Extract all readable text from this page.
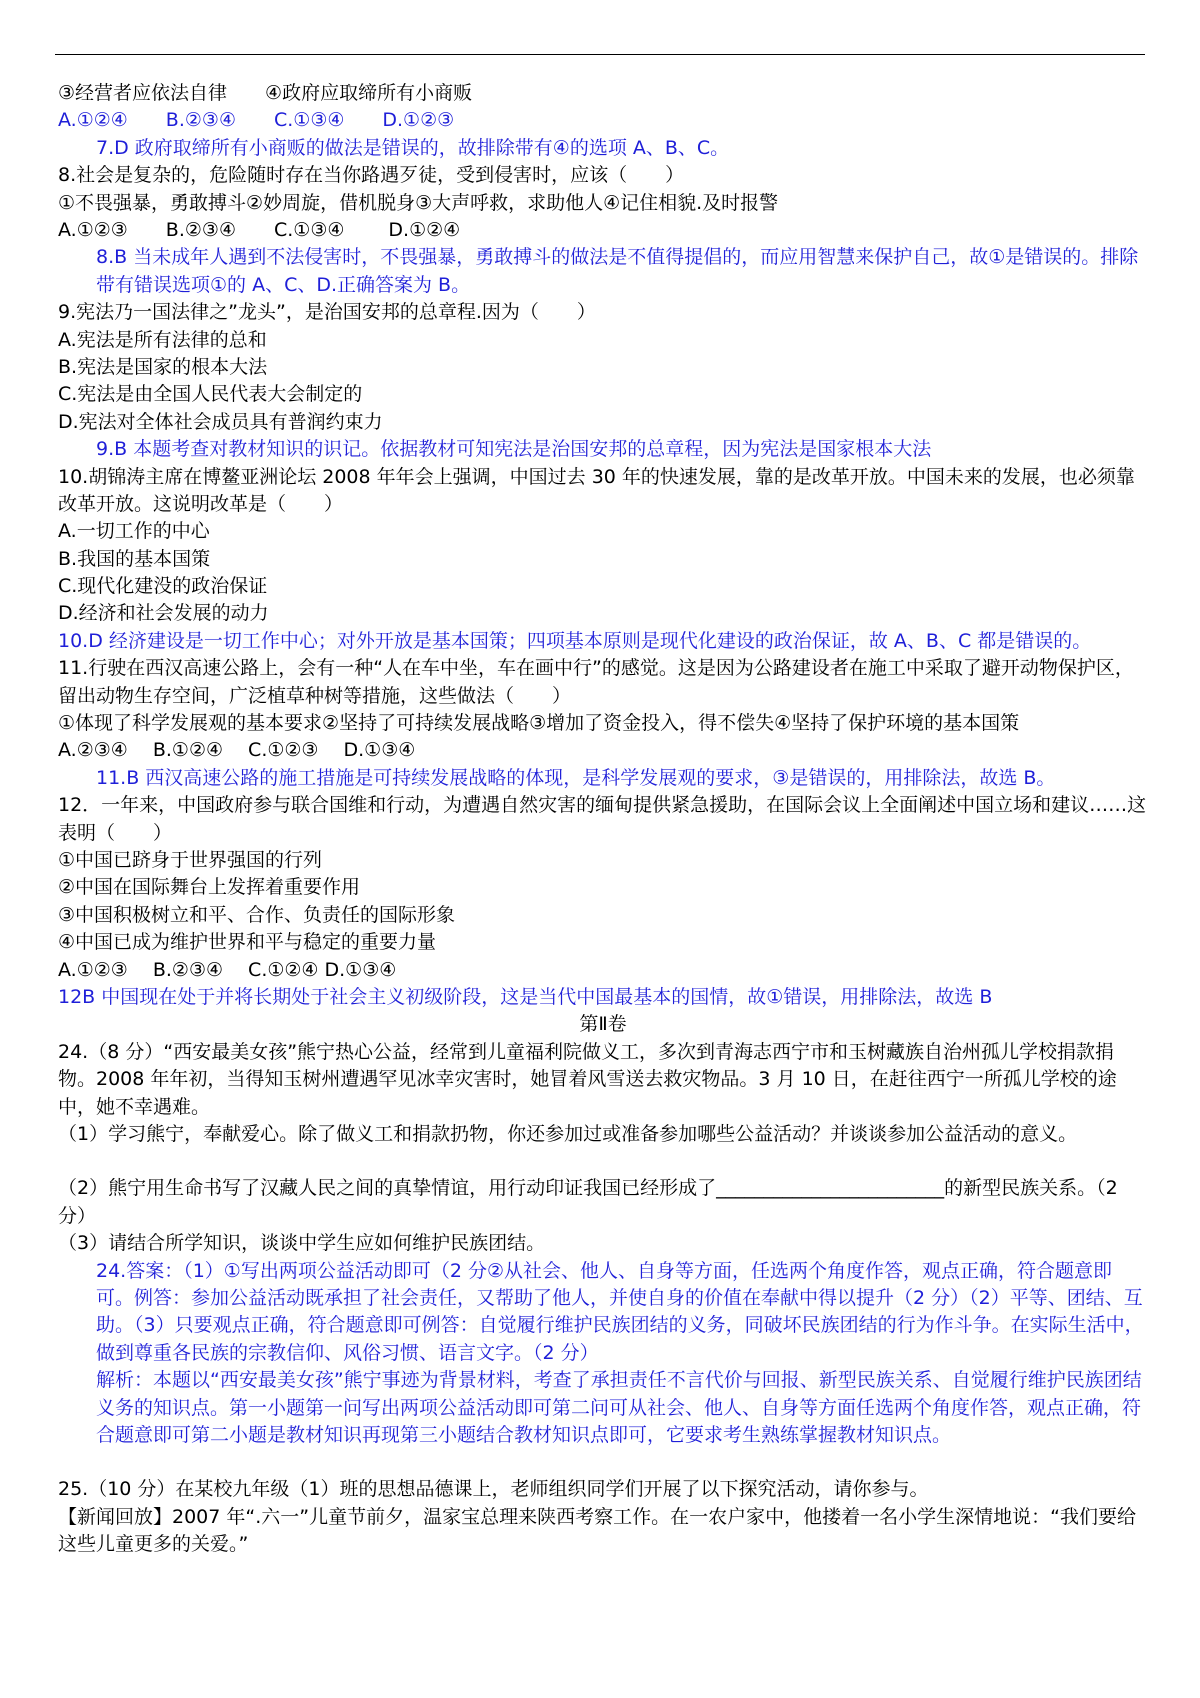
③经营者应依法自律　　④政府应取缔所有小商贩

A.①②④　　B.②③④　　C.①③④　　D.①②③

7.D 政府取缔所有小商贩的做法是错误的，故排除带有④的选项 A、B、C。

8.社会是复杂的，危险随时存在当你路遇歹徒，受到侵害时，应该（　　）

①不畏强暴，勇敢搏斗②妙周旋，借机脱身③大声呼救，求助他人④记住相貌.及时报警

A.①②③　　B.②③④　　C.①③④　　 D.①②④

8.B 当未成年人遇到不法侵害时，不畏强暴，勇敢搏斗的做法是不值得提倡的，而应用智慧来保护自己，故①是错误的。排除带有错误选项①的 A、C、D.正确答案为 B。

9.宪法乃一国法律之”龙头”，是治国安邦的总章程.因为（　　）

A.宪法是所有法律的总和

B.宪法是国家的根本大法

C.宪法是由全国人民代表大会制定的

D.宪法对全体社会成员具有普润约束力

9.B 本题考查对教材知识的识记。依据教材可知宪法是治国安邦的总章程，因为宪法是国家根本大法

10.胡锦涛主席在博鳌亚洲论坛 2008 年年会上强调，中国过去 30 年的快速发展，靠的是改革开放。中国未来的发展，也必须靠改革开放。这说明改革是（　　）

A.一切工作的中心

B.我国的基本国策

C.现代化建没的政治保证

D.经济和社会发展的动力

10.D 经济建设是一切工作中心；对外开放是基本国策；四项基本原则是现代化建设的政治保证，故 A、B、C 都是错误的。

11.行驶在西汉高速公路上，会有一种“人在车中坐，车在画中行”的感觉。这是因为公路建设者在施工中采取了避开动物保护区，留出动物生存空间，广泛植草种树等措施，这些做法（　　）

①体现了科学发展观的基本要求②坚持了可持续发展战略③增加了资金投入，得不偿失④坚持了保护环境的基本国策

A.②③④　 B.①②④　 C.①②③　 D.①③④

11.B 西汉高速公路的施工措施是可持续发展战略的体现，是科学发展观的要求，③是错误的，用排除法，故选 B。

12．一年来，中国政府参与联合国维和行动，为遭遇自然灾害的缅甸提供紧急援助，在国际会议上全面阐述中国立场和建议……这表明（　　）

①中国已跻身于世界强国的行列

②中国在国际舞台上发挥着重要作用

③中国积极树立和平、合作、负责任的国际形象

④中国已成为维护世界和平与稳定的重要力量

A.①②③　 B.②③④　 C.①②④ D.①③④

12B 中国现在处于并将长期处于社会主义初级阶段，这是当代中国最基本的国情，故①错误，用排除法，故选 B

第Ⅱ卷

24.（8 分）“西安最美女孩”熊宁热心公益，经常到儿童福利院做义工，多次到青海志西宁市和玉树藏族自治州孤儿学校捐款捐物。2008 年年初，当得知玉树州遭遇罕见冰幸灾害时，她冒着风雪送去救灾物品。3 月 10 日，在赶往西宁一所孤儿学校的途中，她不幸遇难。

（1）学习熊宁，奉献爱心。除了做义工和捐款扔物，你还参加过或准备参加哪些公益活动？并谈谈参加公益活动的意义。

（2）熊宁用生命书写了汉藏人民之间的真挚情谊，用行动印证我国已经形成了________________________的新型民族关系。（2 分）

（3）请结合所学知识，谈谈中学生应如何维护民族团结。

24.答案：（1）①写出两项公益活动即可（2 分②从社会、他人、自身等方面，任选两个角度作答，观点正确，符合题意即可。例答：参加公益活动既承担了社会责任，又帮助了他人，并使自身的价值在奉献中得以提升（2 分）（2）平等、团结、互助。（3）只要观点正确，符合题意即可例答：自觉履行维护民族团结的义务，同破坏民族团结的行为作斗争。在实际生活中，做到尊重各民族的宗教信仰、风俗习惯、语言文字。（2 分）

解析：本题以“西安最美女孩”熊宁事迹为背景材料，考查了承担责任不言代价与回报、新型民族关系、自觉履行维护民族团结义务的知识点。第一小题第一问写出两项公益活动即可第二问可从社会、他人、自身等方面任选两个角度作答，观点正确，符合题意即可第二小题是教材知识再现第三小题结合教材知识点即可，它要求考生熟练掌握教材知识点。

25.（10 分）在某校九年级（1）班的思想品德课上，老师组织同学们开展了以下探究活动，请你参与。

【新闻回放】2007 年“.六一”儿童节前夕，温家宝总理来陕西考察工作。在一农户家中，他搂着一名小学生深情地说：“我们要给这些儿童更多的关爱。”
